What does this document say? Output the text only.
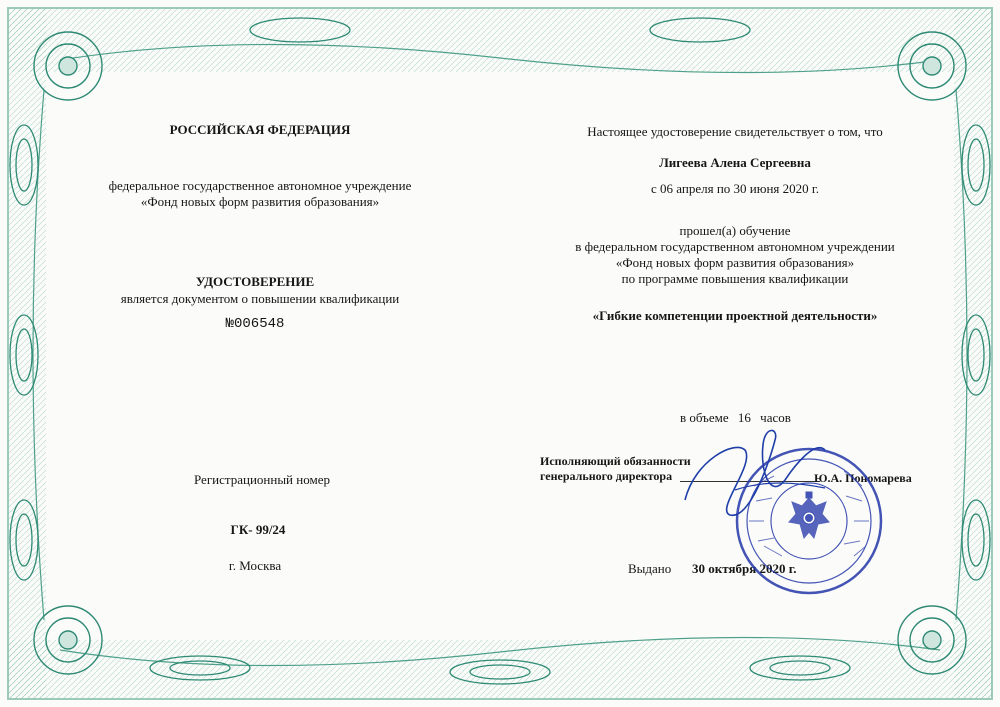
РОССИЙСКАЯ ФЕДЕРАЦИЯ
федеральное государственное автономное учреждение
«Фонд новых форм развития образования»
УДОСТОВЕРЕНИЕ
является документом о повышении квалификации
№006548
Регистрационный номер
ГК- 99/24
г. Москва
Настоящее удостоверение свидетельствует о том, что
Лигеева Алена Сергеевна
с 06 апреля по 30 июня 2020 г.
прошел(а) обучение
в федеральном государственном автономном учреждении
«Фонд новых форм развития образования»
по программе повышения квалификации
«Гибкие компетенции проектной деятельности»
в объеме 16 часов
Исполняющий обязанности
генерального директора	Ю.А. Пономарева
Выдано 30 октября 2020 г.
